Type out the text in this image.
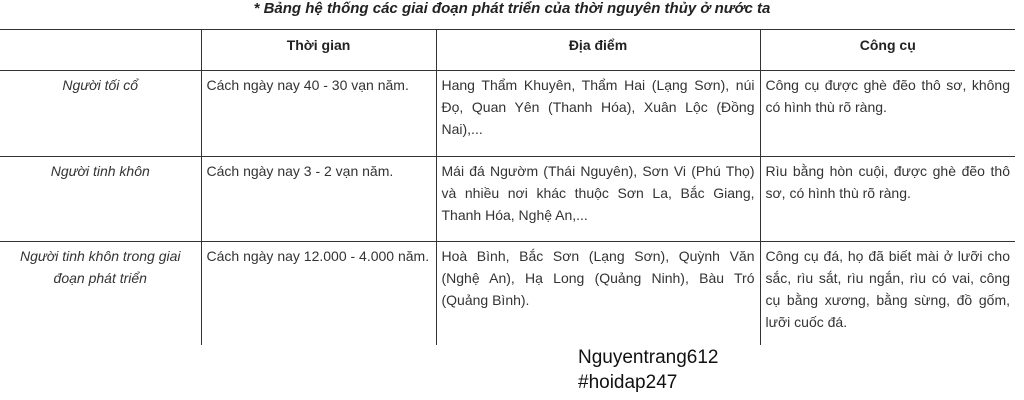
* Bảng hệ thống các giai đoạn phát triển của thời nguyên thủy ở nước ta
	Thời gian	Địa điểm	Công cụ
Người tối cổ	Cách ngày nay 40 - 30 vạn năm.	Hang Thẩm Khuyên, Thẩm Hai (Lạng Sơn), núi Đọ, Quan Yên (Thanh Hóa), Xuân Lộc (Đồng Nai),...	Công cụ được ghè đẽo thô sơ, không có hình thù rõ ràng.
Người tinh khôn	Cách ngày nay 3 - 2 vạn năm.	Mái đá Ngườm (Thái Nguyên), Sơn Vi (Phú Thọ) và nhiều nơi khác thuộc Sơn La, Bắc Giang, Thanh Hóa, Nghệ An,...	Rìu bằng hòn cuội, được ghè đẽo thô sơ, có hình thù rõ ràng.
Người tinh khôn trong giai đoạn phát triển	Cách ngày nay 12.000 - 4.000 năm.	Hoà Bình, Bắc Sơn (Lạng Sơn), Quỳnh Văn (Nghệ An), Hạ Long (Quảng Ninh), Bàu Tró (Quảng Bình).	Công cụ đá, họ đã biết mài ở lưỡi cho sắc, rìu sắt, rìu ngắn, rìu có vai, công cụ bằng xương, bằng sừng, đồ gốm, lưỡi cuốc đá.
Nguyentrang612
#hoidap247
